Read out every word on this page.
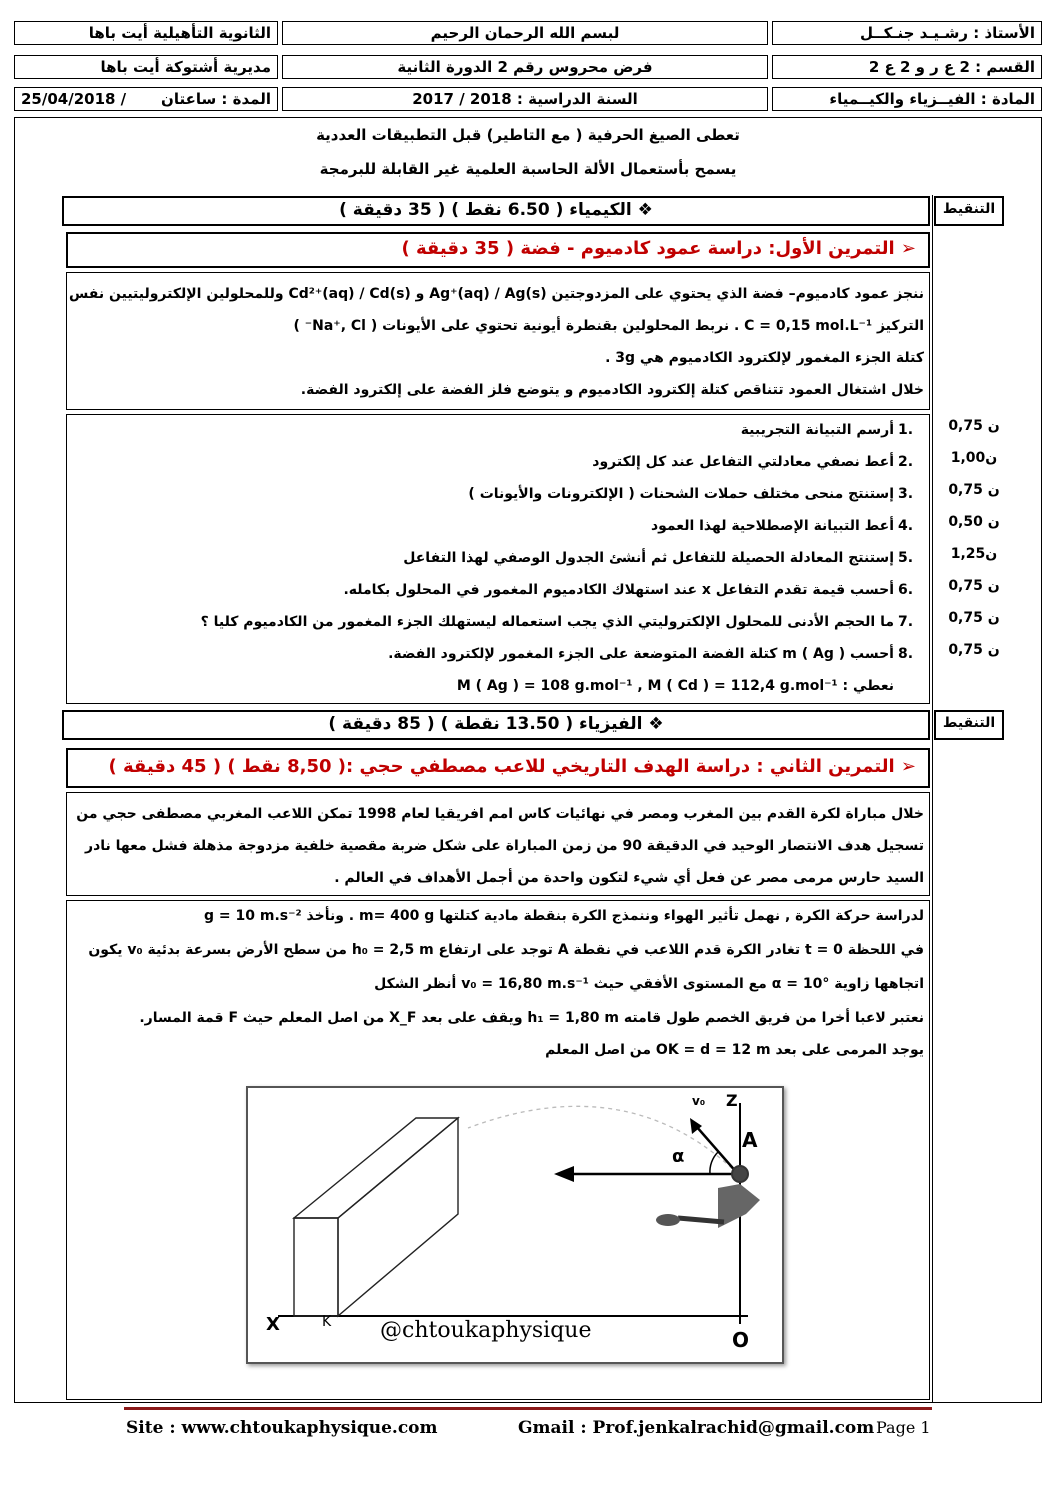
الأستاذ : رشـيـد جنـكــل
لبسم الله الرحمان الرحيم
الثانوية التأهيلية أيت باها
القسم : 2 ع ر و 2 ع 2
فرض محروس رقم 2 الدورة الثانية
مديرية أشتوكة أيت باها
المادة : الفيــزياء والكيــمياء
السنة الدراسية : 2018 / 2017
25/04/2018 / المدة : ساعتان
تعطى الصيغ الحرفية ( مع التاطير) قبل التطبيقات العددية
يسمح بأستعمال الألة الحاسبة العلمية غير القابلة للبرمجة
❖ الكيمياء ( 6.50 نقط ) ( 35 دقيقة )	التنقيط
➢ التمرين الأول: دراسة عمود كادميوم - فضة ( 35 دقيقة )
ننجز عمود كادميوم– فضة الذي يحتوي على المزدوجتين Ag⁺(aq) / Ag(s) و Cd²⁺(aq) / Cd(s) وللمحلولين الإلكتروليتيين نفس
التركيز C = 0,15 mol.L⁻¹ . نربط المحلولين بقنطرة أيونية تحتوي على الأيونات ( Na⁺, Cl⁻ )
كتلة الجزء المغمور لإلكترود الكادميوم هي 3g .
خلال اشتغال العمود تتناقص كتلة إلكترود الكادميوم و يتوضع فلز الفضة على إلكترود الفضة.
1.
أرسم التبيانة التجريبية	0,75 ن
2.
أعط نصفي معادلتي التفاعل عند كل إلكترود	1,00ن
3.
إستنتج منحى مختلف حملات الشحنات ( الإلكترونات والأيونات )	0,75 ن
4.
أعط التبيانة الإصطلاحية لهذا العمود	0,50 ن
5.
إستنتج المعادلة الحصيلة للتفاعل ثم أنشئ الجدول الوصفي لهذا التفاعل	1,25ن
6.
أحسب قيمة تقدم التفاعل x عند استهلاك الكادميوم المغمور في المحلول بكامله.	0,75 ن
7.
ما الحجم الأدنى للمحلول الإلكتروليتي الذي يجب استعماله ليستهلك الجزء المغمور من الكادميوم كليا ؟	0,75 ن
8.
أحسب m ( Ag ) كتلة الفضة المتوضعة على الجزء المغمور لإلكترود الفضة.	0,75 ن
نعطي : M ( Ag ) = 108 g.mol⁻¹ , M ( Cd ) = 112,4 g.mol⁻¹
❖ الفيزياء ( 13.50 نقطة ) ( 85 دقيقة )	التنقيط
➢ التمرين الثاني : دراسة الهدف التاريخي للاعب مصطفي حجي :( 8,50 نقط ) ( 45 دقيقة )
خلال مباراة لكرة القدم بين المغرب ومصر في نهائيات كاس امم افريقيا لعام 1998 تمكن اللاعب المغربي مصطفى حجي من
تسجيل هدف الانتصار الوحيد في الدقيقة 90 من زمن المباراة على شكل ضربة مقصية خلفية مزدوجة مذهلة فشل معها نادر
السيد حارس مرمى مصر عن فعل أي شيء لتكون واحدة من أجمل الأهداف في العالم .
لدراسة حركة الكرة , نهمل تأثير الهواء وننمذج الكرة بنقطة مادية كتلتها m= 400 g . ونأخذ g = 10 m.s⁻²
في اللحظة t = 0 تغادر الكرة قدم اللاعب في نقطة A توجد على ارتفاع h₀ = 2,5 m من سطح الأرض بسرعة بدئية v₀ يكون
اتجاهها زاوية α = 10° مع المستوى الأفقي حيث v₀ = 16,80 m.s⁻¹ أنظر الشكل
نعتبر لاعبا أخرا من فريق الخصم طول قامته h₁ = 1,80 m ويقف على بعد X_F من اصل المعلم حيث F قمة المسار.
يوجد المرمى على بعد OK = d = 12 m من اصل المعلم
Z
v₀
A
α
X	K @chtoukaphysique	O
Site : www.chtoukaphysique.com	Gmail : Prof.jenkalrachid@gmail.com Page 1
